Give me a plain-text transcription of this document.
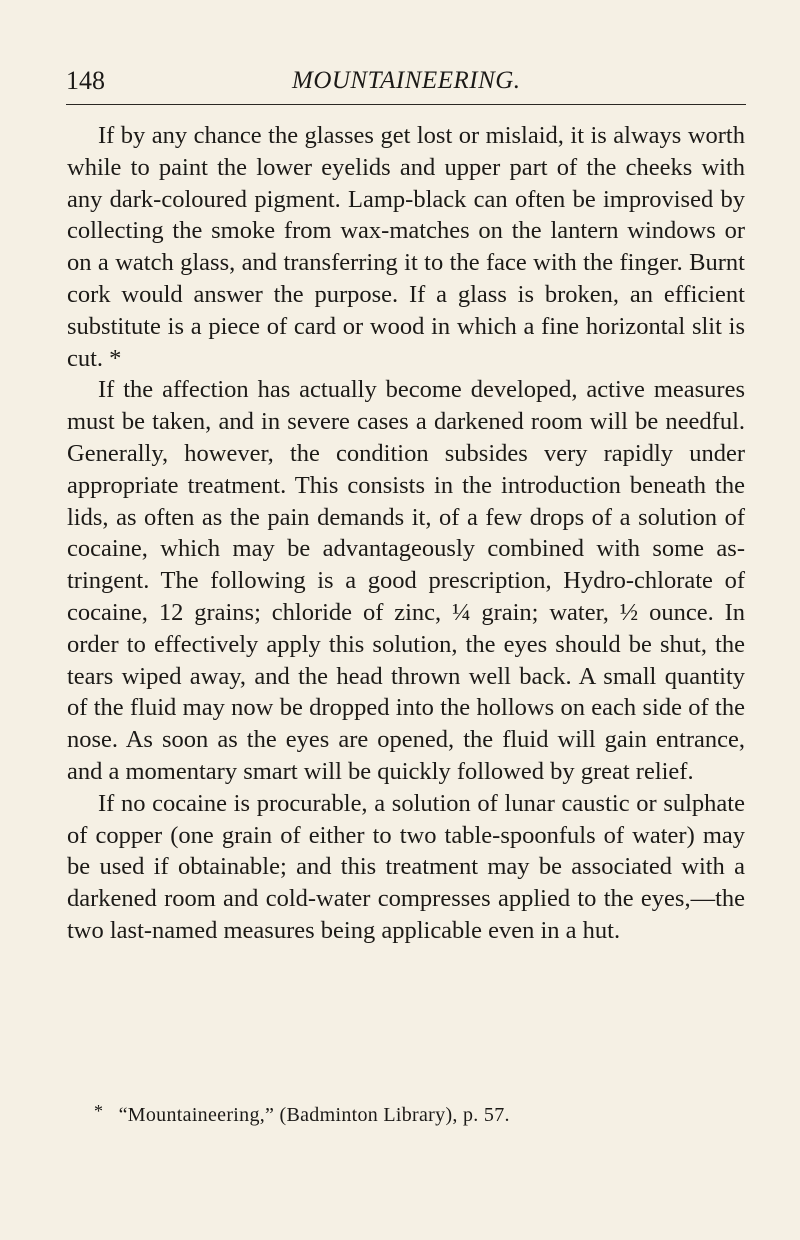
148	MOUNTAINEERING.

If by any chance the glasses get lost or mislaid, it is always worth while to paint the lower eyelids and upper part of the cheeks with any dark-coloured pigment. Lamp-black can often be improvised by collecting the smoke from wax-matches on the lantern windows or on a watch glass, and transferring it to the face with the finger. Burnt cork would answer the purpose. If a glass is broken, an efficient substitute is a piece of card or wood in which a fine horizontal slit is cut. *

If the affection has actually become developed, active measures must be taken, and in severe cases a darkened room will be needful. Generally, however, the condition subsides very rapidly under appropriate treatment. This consists in the introduction beneath the lids, as often as the pain demands it, of a few drops of a solution of cocaine, which may be advantageously combined with some as-tringent. The following is a good prescription, Hydro-chlorate of cocaine, 12 grains; chloride of zinc, ¼ grain; water, ½ ounce. In order to effectively apply this solution, the eyes should be shut, the tears wiped away, and the head thrown well back. A small quantity of the fluid may now be dropped into the hollows on each side of the nose. As soon as the eyes are opened, the fluid will gain entrance, and a momentary smart will be quickly followed by great relief.

If no cocaine is procurable, a solution of lunar caustic or sulphate of copper (one grain of either to two table-spoonfuls of water) may be used if obtainable; and this treatment may be associated with a darkened room and cold-water compresses applied to the eyes,—the two last-named measures being applicable even in a hut.

* “Mountaineering,” (Badminton Library), p. 57.
